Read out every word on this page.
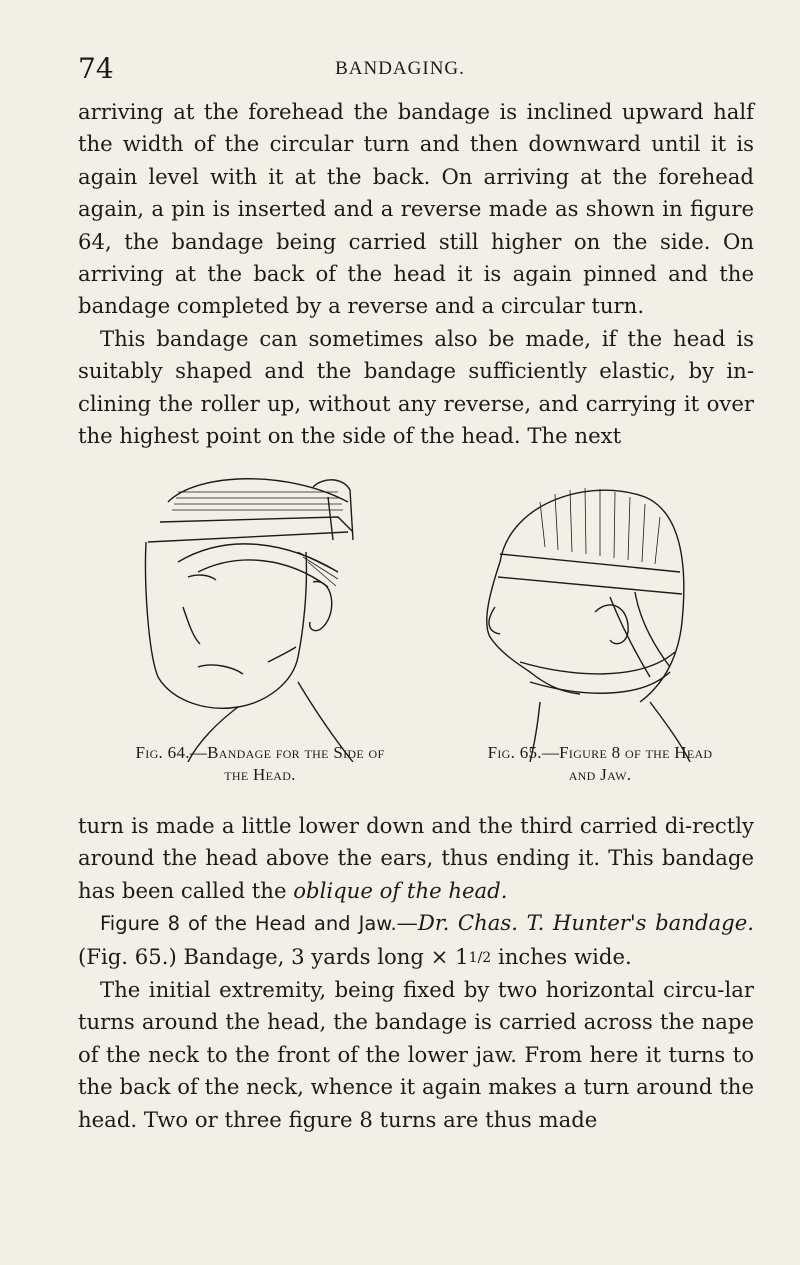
74	BANDAGING.

arriving at the forehead the bandage is inclined upward half the width of the circular turn and then downward until it is again level with it at the back. On arriving at the forehead again, a pin is inserted and a reverse made as shown in figure 64, the bandage being carried still higher on the side. On arriving at the back of the head it is again pinned and the bandage completed by a reverse and a circular turn.

This bandage can sometimes also be made, if the head is suitably shaped and the bandage sufficiently elastic, by in-clining the roller up, without any reverse, and carrying it over the highest point on the side of the head. The next

Fig. 64.—Bandage for the Side of
the Head.
Fig. 65.—Figure 8 of the Head
and Jaw.

turn is made a little lower down and the third carried di-rectly around the head above the ears, thus ending it. This bandage has been called the oblique of the head.

Figure 8 of the Head and Jaw.—Dr. Chas. T. Hunter's bandage. (Fig. 65.) Bandage, 3 yards long × 11/2 inches wide.

The initial extremity, being fixed by two horizontal circu-lar turns around the head, the bandage is carried across the nape of the neck to the front of the lower jaw. From here it turns to the back of the neck, whence it again makes a turn around the head. Two or three figure 8 turns are thus made
